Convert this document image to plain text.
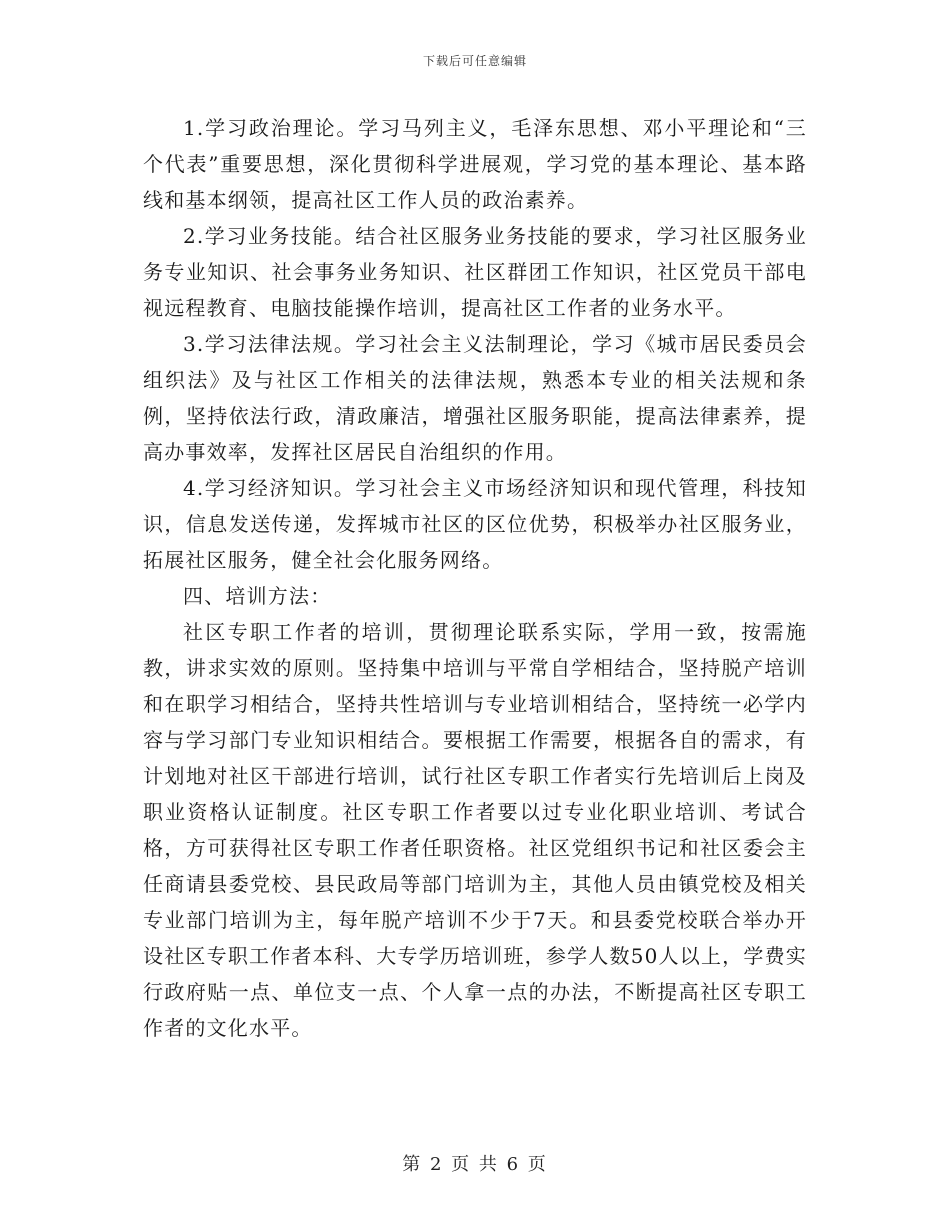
下载后可任意编辑

1.学习政治理论。学习马列主义，毛泽东思想、邓小平理论和“三个代表”重要思想，深化贯彻科学进展观，学习党的基本理论、基本路线和基本纲领，提高社区工作人员的政治素养。

2.学习业务技能。结合社区服务业务技能的要求，学习社区服务业务专业知识、社会事务业务知识、社区群团工作知识，社区党员干部电视远程教育、电脑技能操作培训，提高社区工作者的业务水平。

3.学习法律法规。学习社会主义法制理论，学习《城市居民委员会组织法》及与社区工作相关的法律法规，熟悉本专业的相关法规和条例，坚持依法行政，清政廉洁，增强社区服务职能，提高法律素养，提高办事效率，发挥社区居民自治组织的作用。

4.学习经济知识。学习社会主义市场经济知识和现代管理，科技知识，信息发送传递，发挥城市社区的区位优势，积极举办社区服务业，拓展社区服务，健全社会化服务网络。

四、培训方法：

社区专职工作者的培训，贯彻理论联系实际，学用一致，按需施教，讲求实效的原则。坚持集中培训与平常自学相结合，坚持脱产培训和在职学习相结合，坚持共性培训与专业培训相结合，坚持统一必学内容与学习部门专业知识相结合。要根据工作需要，根据各自的需求，有计划地对社区干部进行培训，试行社区专职工作者实行先培训后上岗及职业资格认证制度。社区专职工作者要以过专业化职业培训、考试合格，方可获得社区专职工作者任职资格。社区党组织书记和社区委会主任商请县委党校、县民政局等部门培训为主，其他人员由镇党校及相关专业部门培训为主，每年脱产培训不少于7天。和县委党校联合举办开设社区专职工作者本科、大专学历培训班，参学人数50人以上，学费实行政府贴一点、单位支一点、个人拿一点的办法，不断提高社区专职工作者的文化水平。

第 2 页 共 6 页
